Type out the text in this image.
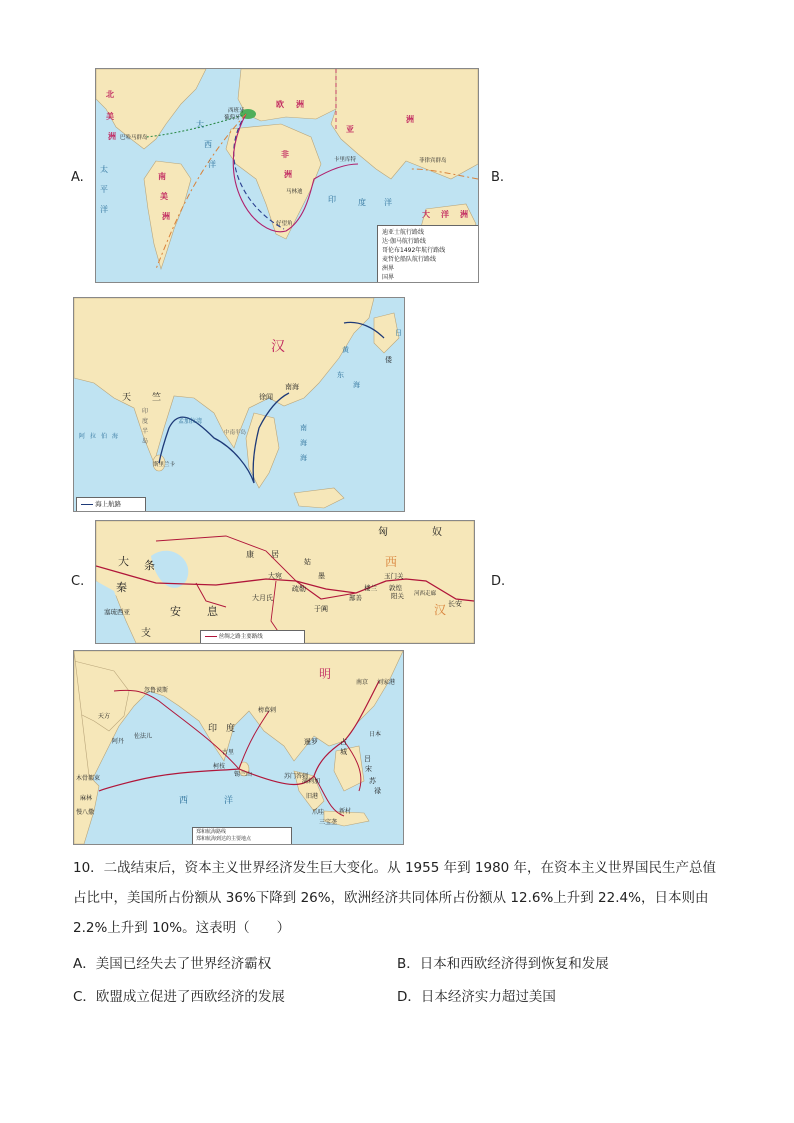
A.	B.
C.	D.
北
美
洲
太
平
洋
大
西
洋
欧 洲
亚
洲
非
洲
南
美
洲
印	度 洋
大 洋 洲
西班牙
葡萄牙
巴哈马群岛
马林迪
卡里库特	菲律宾群岛
好望角
迪亚士航行路线
达·伽马航行路线
哥伦布1492年航行路线
麦哲伦船队航行路线
洲界
国界
汉
天 竺
印
度
半
岛
孟加拉湾
阿 拉 伯 海	中南半岛
南海
徐闻
斯里兰卡
日
倭
黄
东
海
海
南
海
海上航路
匈	奴
大
秦
条
支
安 息
塞琉西亚
康 居
大宛
大月氏
疏勒
于阗
楼兰
玉门关
敦煌
阳关
鄯善	河西走廊
西
汉 长安
姑
墨
丝绸之路主要路线
明
南京 刘家港
忽鲁谟斯
天方
阿丹
佐法儿
木骨都束
麻林
慢八撒
印 度
古里
柯枝
榜葛剌
锡兰山
暹罗	占
城
旧港
满剌加
苏门答剌
爪哇 新村
三宝垄
吕
宋
苏
禄
日本
西	洋
郑和航海路线
郑和航海到达的主要地点
10．二战结束后，资本主义世界经济发生巨大变化。从 1955 年到 1980 年，在资本主义世界国民生产总值
占比中，美国所占份额从 36%下降到 26%，欧洲经济共同体所占份额从 12.6%上升到 22.4%，日本则由
2.2%上升到 10%。这表明（　　）
A．美国已经失去了世界经济霸权	B．日本和西欧经济得到恢复和发展
C．欧盟成立促进了西欧经济的发展	D．日本经济实力超过美国
